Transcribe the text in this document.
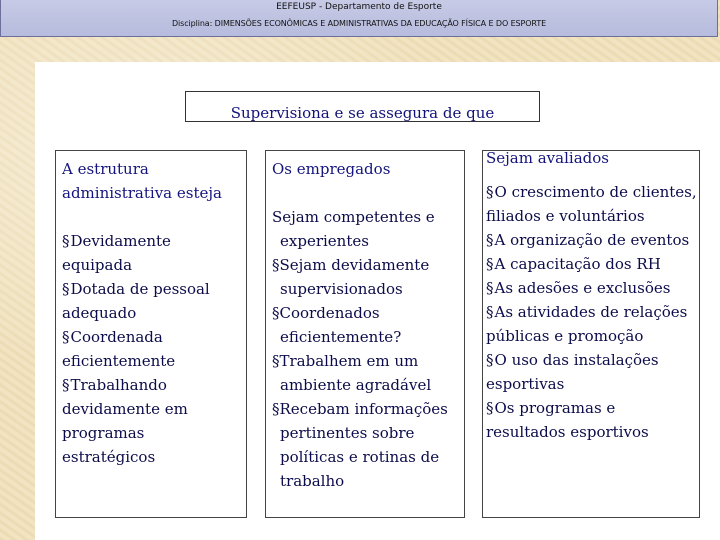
EEFEUSP - Departamento de Esporte
Disciplina: DIMENSÕES ECONÔMICAS E ADMINISTRATIVAS DA EDUCAÇÃO FÍSICA E DO ESPORTE
Supervisiona e se assegura de que
A estrutura administrativa esteja
§Devidamente equipada
§Dotada de pessoal adequado
§Coordenada eficientemente
§Trabalhando devidamente em programas estratégicos
Os empregados
Sejam competentes e experientes
§Sejam devidamente supervisionados
§Coordenados eficientemente?
§Trabalhem em um ambiente agradável
§Recebam informações pertinentes sobre políticas e rotinas de trabalho
Sejam avaliados
§O crescimento de clientes, filiados e voluntários
§A organização de eventos
§A capacitação dos RH
§As adesões e exclusões
§As atividades de relações públicas e promoção
§O uso das instalações esportivas
§Os programas e resultados esportivos
